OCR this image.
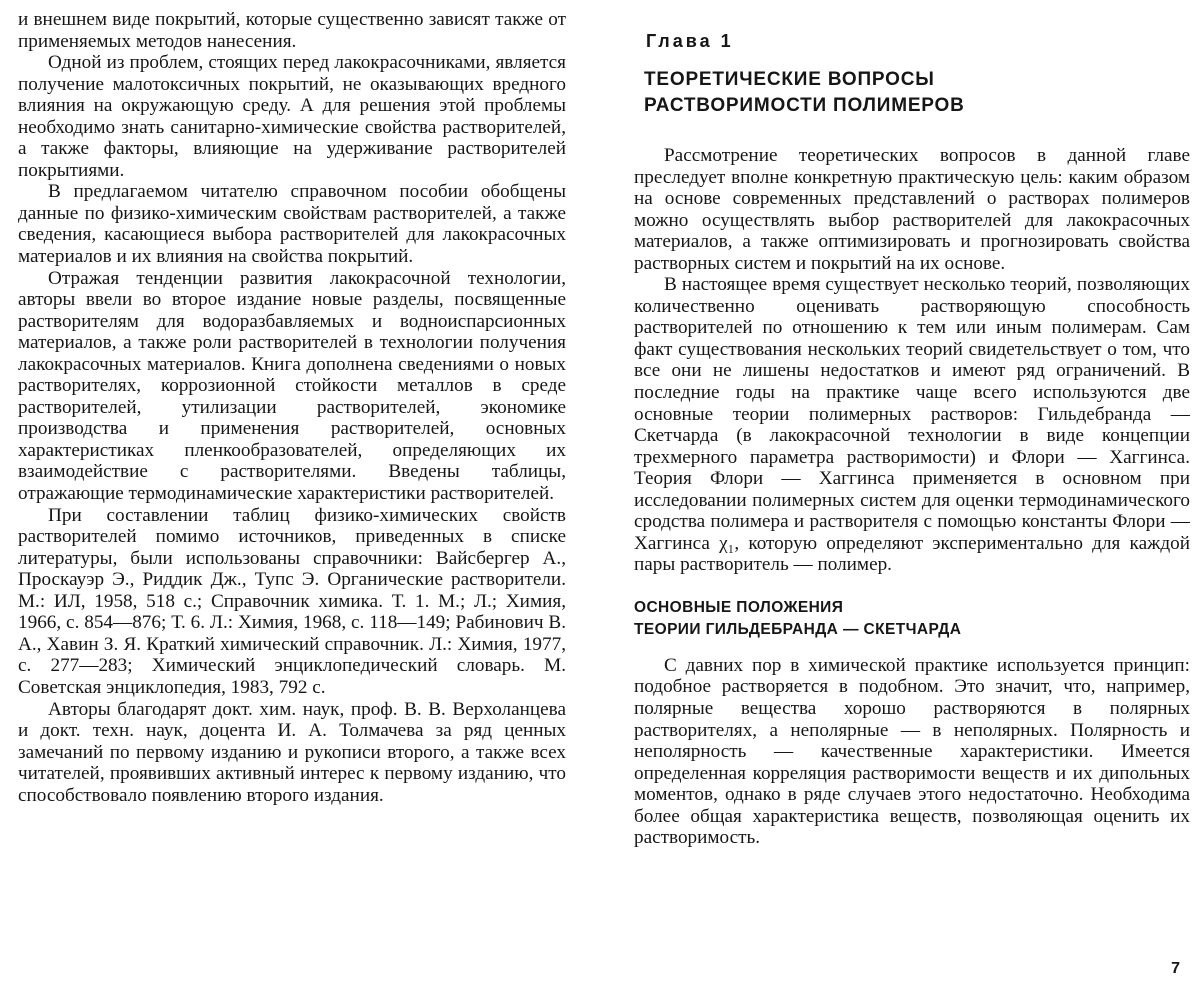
и внешнем виде покрытий, которые существенно зависят также от применяемых методов нанесения.

Одной из проблем, стоящих перед лакокрасочниками, является получение малотоксичных покрытий, не оказывающих вредного влияния на окружающую среду. А для решения этой проблемы необходимо знать санитарно-химические свойства растворителей, а также факторы, влияющие на удерживание растворителей покрытиями.

В предлагаемом читателю справочном пособии обобщены данные по физико-химическим свойствам растворителей, а также сведения, касающиеся выбора растворителей для лакокрасочных материалов и их влияния на свойства покрытий.

Отражая тенденции развития лакокрасочной технологии, авторы ввели во второе издание новые разделы, посвященные растворителям для водоразбавляемых и водноиспарсионных материалов, а также роли растворителей в технологии получения лакокрасочных материалов. Книга дополнена сведениями о новых растворителях, коррозионной стойкости металлов в среде растворителей, утилизации растворителей, экономике производства и применения растворителей, основных характеристиках пленкообразователей, определяющих их взаимодействие с растворителями. Введены таблицы, отражающие термодинамические характеристики растворителей.

При составлении таблиц физико-химических свойств растворителей помимо источников, приведенных в списке литературы, были использованы справочники: Вайсбергер А., Проскауэр Э., Риддик Дж., Тупс Э. Органические растворители. М.: ИЛ, 1958, 518 с.; Справочник химика. Т. 1. М.; Л.; Химия, 1966, с. 854—876; Т. 6. Л.: Химия, 1968, с. 118—149; Рабинович В. А., Хавин З. Я. Краткий химический справочник. Л.: Химия, 1977, с. 277—283; Химический энциклопедический словарь. М. Советская энциклопедия, 1983, 792 с.

Авторы благодарят докт. хим. наук, проф. В. В. Верхоланцева и докт. техн. наук, доцента И. А. Толмачева за ряд ценных замечаний по первому изданию и рукописи второго, а также всех читателей, проявивших активный интерес к первому изданию, что способствовало появлению второго издания.

Глава 1
ТЕОРЕТИЧЕСКИЕ ВОПРОСЫ
РАСТВОРИМОСТИ ПОЛИМЕРОВ

Рассмотрение теоретических вопросов в данной главе преследует вполне конкретную практическую цель: каким образом на основе современных представлений о растворах полимеров можно осуществлять выбор растворителей для лакокрасочных материалов, а также оптимизировать и прогнозировать свойства растворных систем и покрытий на их основе.

В настоящее время существует несколько теорий, позволяющих количественно оценивать растворяющую способность растворителей по отношению к тем или иным полимерам. Сам факт существования нескольких теорий свидетельствует о том, что все они не лишены недостатков и имеют ряд ограничений. В последние годы на практике чаще всего используются две основные теории полимерных растворов: Гильдебранда — Скетчарда (в лакокрасочной технологии в виде концепции трехмерного параметра растворимости) и Флори — Хаггинса. Теория Флори — Хаггинса применяется в основном при исследовании полимерных систем для оценки термодинамического сродства полимера и растворителя с помощью константы Флори — Хаггинса χ₁, которую определяют экспериментально для каждой пары растворитель — полимер.

ОСНОВНЫЕ ПОЛОЖЕНИЯ
ТЕОРИИ ГИЛЬДЕБРАНДА — СКЕТЧАРДА

С давних пор в химической практике используется принцип: подобное растворяется в подобном. Это значит, что, например, полярные вещества хорошо растворяются в полярных растворителях, а неполярные — в неполярных. Полярность и неполярность — качественные характеристики. Имеется определенная корреляция растворимости веществ и их дипольных моментов, однако в ряде случаев этого недостаточно. Необходима более общая характеристика веществ, позволяющая оценить их растворимость.

7
